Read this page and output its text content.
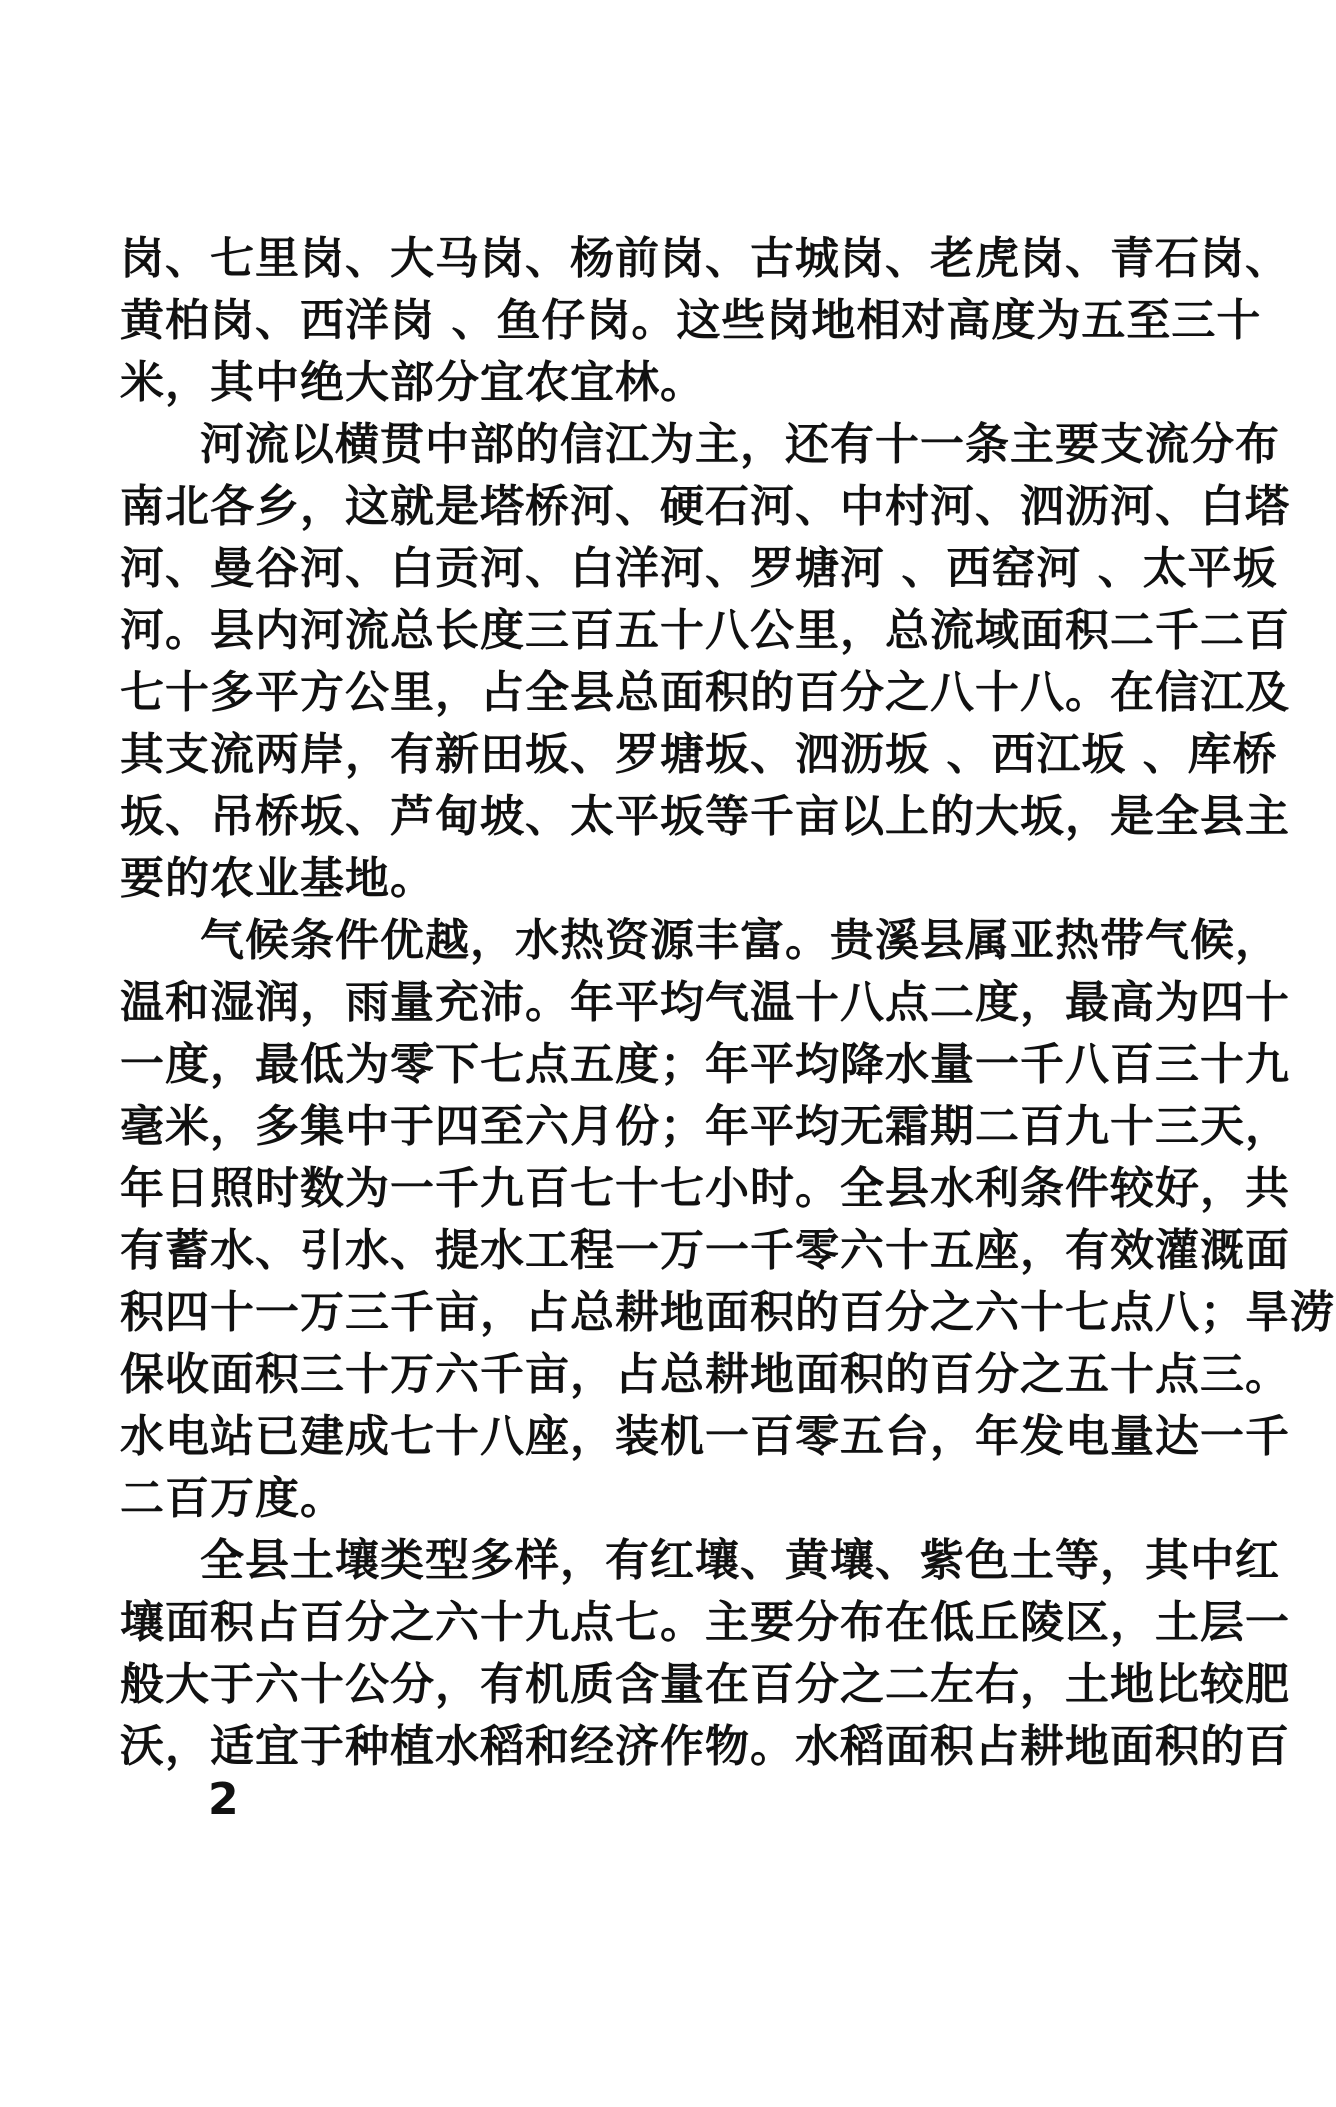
岗、七里岗、大马岗、杨前岗、古城岗、老虎岗、青石岗、
黄柏岗、西洋岗 、鱼仔岗。这些岗地相对高度为五至三十
米，其中绝大部分宜农宜林。
河流以横贯中部的信江为主，还有十一条主要支流分布
南北各乡，这就是塔桥河、硬石河、中村河、泗沥河、白塔
河、曼谷河、白贡河、白洋河、罗塘河 、西窑河 、太平坂
河。县内河流总长度三百五十八公里，总流域面积二千二百
七十多平方公里，占全县总面积的百分之八十八。在信江及
其支流两岸，有新田坂、罗塘坂、泗沥坂 、西江坂 、库桥
坂、吊桥坂、芦甸坡、太平坂等千亩以上的大坂，是全县主
要的农业基地。
气候条件优越，水热资源丰富。贵溪县属亚热带气候，
温和湿润，雨量充沛。年平均气温十八点二度，最高为四十
一度，最低为零下七点五度；年平均降水量一千八百三十九
毫米，多集中于四至六月份；年平均无霜期二百九十三天，
年日照时数为一千九百七十七小时。全县水利条件较好，共
有蓄水、引水、提水工程一万一千零六十五座，有效灌溉面
积四十一万三千亩，占总耕地面积的百分之六十七点八；旱涝
保收面积三十万六千亩，占总耕地面积的百分之五十点三。
水电站已建成七十八座，装机一百零五台，年发电量达一千
二百万度。
全县土壤类型多样，有红壤、黄壤、紫色土等，其中红
壤面积占百分之六十九点七。主要分布在低丘陵区，土层一
般大于六十公分，有机质含量在百分之二左右，土地比较肥
沃，适宜于种植水稻和经济作物。水稻面积占耕地面积的百
2
